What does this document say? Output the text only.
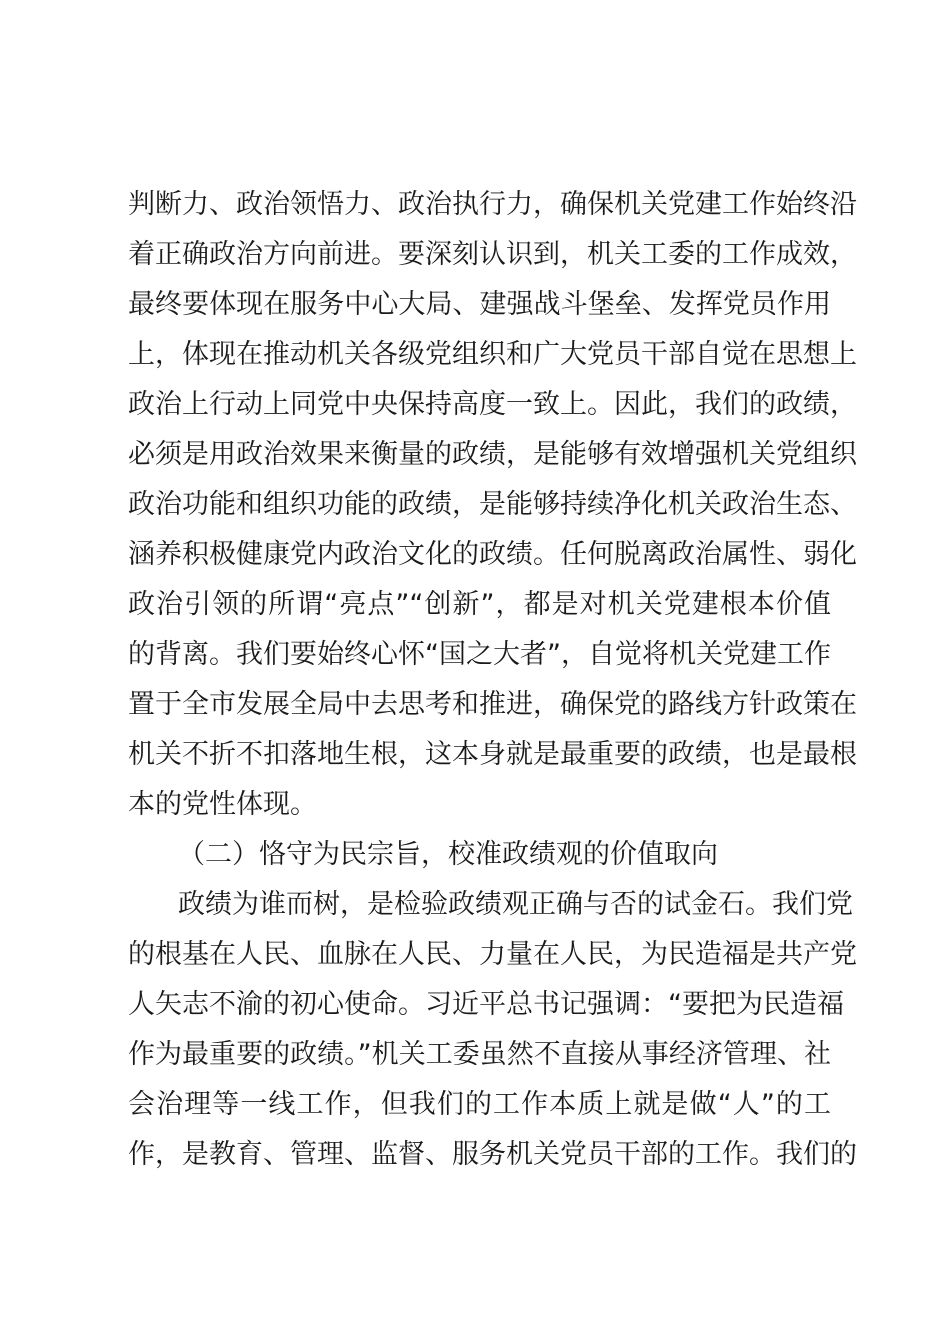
判断力、政治领悟力、政治执行力，确保机关党建工作始终沿
着正确政治方向前进。要深刻认识到，机关工委的工作成效，
最终要体现在服务中心大局、建强战斗堡垒、发挥党员作用
上，体现在推动机关各级党组织和广大党员干部自觉在思想上
政治上行动上同党中央保持高度一致上。因此，我们的政绩，
必须是用政治效果来衡量的政绩，是能够有效增强机关党组织
政治功能和组织功能的政绩，是能够持续净化机关政治生态、
涵养积极健康党内政治文化的政绩。任何脱离政治属性、弱化
政治引领的所谓“亮点”“创新”，都是对机关党建根本价值
的背离。我们要始终心怀“国之大者”，自觉将机关党建工作
置于全市发展全局中去思考和推进，确保党的路线方针政策在
机关不折不扣落地生根，这本身就是最重要的政绩，也是最根
本的党性体现。
（二）恪守为民宗旨，校准政绩观的价值取向
政绩为谁而树，是检验政绩观正确与否的试金石。我们党
的根基在人民、血脉在人民、力量在人民，为民造福是共产党
人矢志不渝的初心使命。习近平总书记强调：“要把为民造福
作为最重要的政绩。”机关工委虽然不直接从事经济管理、社
会治理等一线工作，但我们的工作本质上就是做“人”的工
作，是教育、管理、监督、服务机关党员干部的工作。我们的
